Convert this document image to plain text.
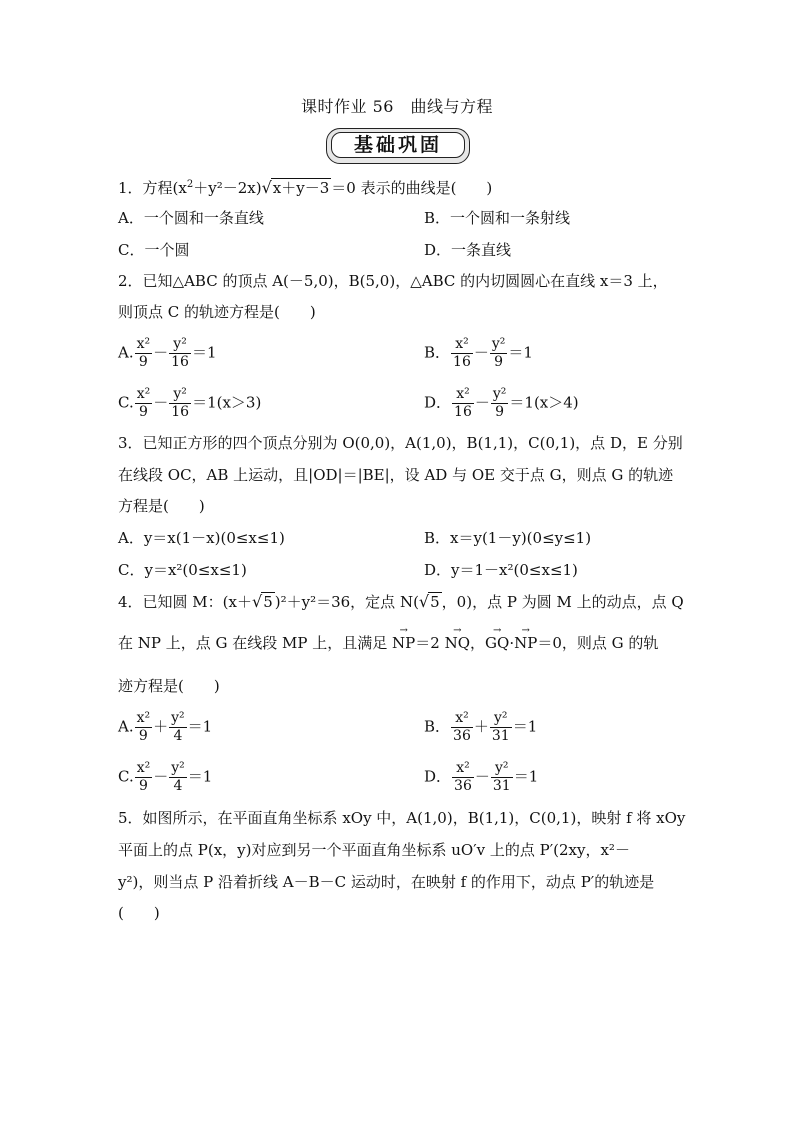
课时作业 56　曲线与方程
基础巩固
1．方程$(x^2+y^2-2x)√x+y-3 =0$ 表示的曲线是(　　)
A．一个圆和一条直线	B．一个圆和一条射线
C．一个圆	D．一条直线
2．已知△ABC 的顶点 A(－5,0)，B(5,0)，△ABC 的内切圆圆心在直线 x＝3 上，
则顶点 C 的轨迹方程是(　　)
A. $\frac{\text{x²}}{9} - \frac{\text{y²}}{16} =1$	B． $\frac{\text{x²}}{16} - \frac{\text{y²}}{9} =1$
C. $\frac{\text{x²}}{9} - \frac{\text{y²}}{16} =1(x>3)$	D． $\frac{\text{x²}}{16} - \frac{\text{y²}}{9} =1(x>4)$
3．已知正方形的四个顶点分别为 O(0,0)，A(1,0)，B(1,1)，C(0,1)，点 D，E 分别
在线段 OC，AB 上运动，且|OD|＝|BE|，设 AD 与 OE 交于点 G，则点 G 的轨迹
方程是(　　)
A．y＝x(1－x)(0≤x≤1)	B．x＝y(1－y)(0≤y≤1)
C．y＝x²(0≤x≤1)	D．y＝1－x²(0≤x≤1)
4．已知圆 M：(x＋√5 )²＋y²＝36，定点 N(√5 ，0)，点 P 为圆 M 上的动点，点 Q
在 NP 上，点 G 在线段 MP 上，且满足
→
NP＝2
→
NQ，
→
GQ·
→
NP＝0，则点 G 的轨
迹方程是(　　)
A. $\frac{\text{x²}}{9} + \frac{\text{y²}}{4} =1$	B． $\frac{\text{x²}}{36} + \frac{\text{y²}}{31} =1$
C. $\frac{\text{x²}}{9} - \frac{\text{y²}}{4} =1$	D． $\frac{\text{x²}}{36} - \frac{\text{y²}}{31} =1$
5．如图所示，在平面直角坐标系 xOy 中，A(1,0)，B(1,1)，C(0,1)，映射 f 将 xOy
平面上的点 P(x，y)对应到另一个平面直角坐标系 uO′v 上的点 P′(2xy，x²－
y²)，则当点 P 沿着折线 A－B－C 运动时，在映射 f 的作用下，动点 P′的轨迹是
(　　)
